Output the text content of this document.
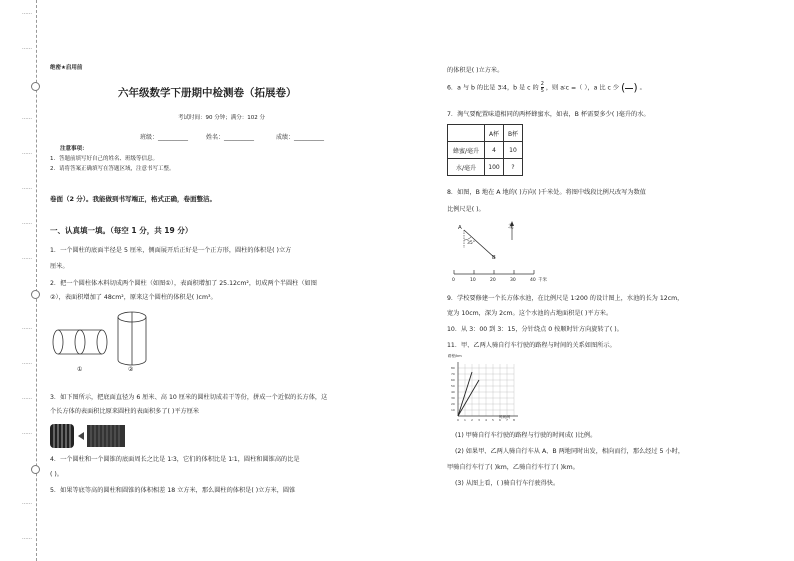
……
……
……
……
……
……
……
……
……
……
……
……
……
绝密★启用前
六年级数学下册期中检测卷（拓展卷）
考试时间：90 分钟；满分：102 分
班级：__________	姓名：__________	成绩：__________
注意事项：
1．答题前填写好自己的姓名、班级等信息。
2．请将答案正确填写在答题区域，注意书写工整。
卷面（2 分）。我能做到书写端正，格式正确，卷面整洁。
一、认真填一填。（每空 1 分，共 19 分）
1．一个圆柱的底面半径是 5 厘米，侧面展开后正好是一个正方形，圆柱的体积是( )立方
厘米。
2．把一个圆柱体木料切成两个圆柱（如图①），表面积增加了 25.12cm²，切成两个半圆柱（如图
②），表面积增加了 48cm²，原来这个圆柱的体积是( )cm³。
①	②
3．如下图所示，把底面直径为 6 厘米、高 10 厘米的圆柱切成若干等份，拼成一个近似的长方体，这
个长方体的表面积比原来圆柱的表面积多了( )平方厘米
4．一个圆柱和一个圆锥的底面周长之比是 1∶3，它们的体积比是 1∶1，圆柱和圆锥高的比是
( )。
5．如果等底等高的圆柱和圆锥的体积相差 18 立方米，那么圆柱的体积是( )立方米，圆锥
的体积是( )立方米。
6．a 与 b 的比是 3∶4，b 是 c 的 $\frac{2}{5}$ ，则 a∶c =（ ），a 比 c 少 ( ) 。
7．淘气要配置味道相同的两杯蜂蜜水，如表，B 杯需要多少( )毫升的水。
	A杯	B杯
蜂蜜/毫升	4	10
水/毫升	100	?
8．如图，B 地在 A 地的( )方向( )千米处。将图中线段比例尺改写为数值
比例尺是( )。
A
B
35°
北
0	10	20	30	40 千米
9．学校要修建一个长方体水池，在比例尺是 1∶200 的设计图上，水池的长为 12cm，
宽为 10cm，深为 2cm。这个水池的占地面积是( )平方米。
10．从 3：00 到 3：15，分针绕点 0 按顺时针方向旋转了( )。
11．甲、乙两人骑自行车行驶的路程与时间的关系如图所示。
路程/km
80
70
60
50
40
30
20
10
0 1 2 3 4 5 6 7 8
时间/时
(1) 甲骑自行车行驶的路程与行驶的时间成( )比例。
(2) 如果甲、乙两人骑自行车从 A、B 两地同时出发，相向而行，那么经过 5 小时，
甲骑自行车行了( )km，乙骑自行车行了( )km。
(3) 从图上看，( )骑自行车行驶得快。
